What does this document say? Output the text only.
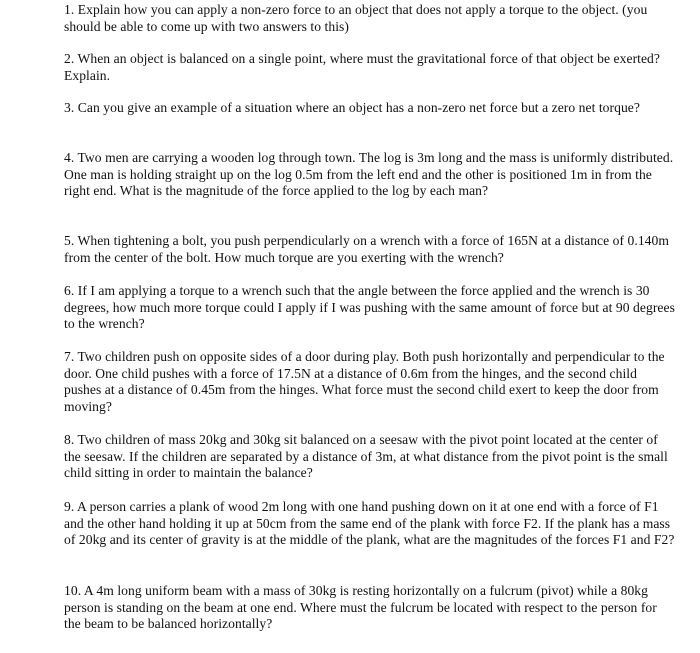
1. Explain how you can apply a non-zero force to an object that does not apply a torque to the object. (you should be able to come up with two answers to this)

2. When an object is balanced on a single point, where must the gravitational force of that object be exerted? Explain.

3. Can you give an example of a situation where an object has a non-zero net force but a zero net torque?

4. Two men are carrying a wooden log through town. The log is 3m long and the mass is uniformly distributed. One man is holding straight up on the log 0.5m from the left end and the other is positioned 1m in from the right end. What is the magnitude of the force applied to the log by each man?

5. When tightening a bolt, you push perpendicularly on a wrench with a force of 165N at a distance of 0.140m from the center of the bolt. How much torque are you exerting with the wrench?

6. If I am applying a torque to a wrench such that the angle between the force applied and the wrench is 30 degrees, how much more torque could I apply if I was pushing with the same amount of force but at 90 degrees to the wrench?

7. Two children push on opposite sides of a door during play. Both push horizontally and perpendicular to the door. One child pushes with a force of 17.5N at a distance of 0.6m from the hinges, and the second child pushes at a distance of 0.45m from the hinges. What force must the second child exert to keep the door from moving?

8. Two children of mass 20kg and 30kg sit balanced on a seesaw with the pivot point located at the center of the seesaw. If the children are separated by a distance of 3m, at what distance from the pivot point is the small child sitting in order to maintain the balance?

9. A person carries a plank of wood 2m long with one hand pushing down on it at one end with a force of F1 and the other hand holding it up at 50cm from the same end of the plank with force F2. If the plank has a mass of 20kg and its center of gravity is at the middle of the plank, what are the magnitudes of the forces F1 and F2?

10. A 4m long uniform beam with a mass of 30kg is resting horizontally on a fulcrum (pivot) while a 80kg person is standing on the beam at one end. Where must the fulcrum be located with respect to the person for the beam to be balanced horizontally?
